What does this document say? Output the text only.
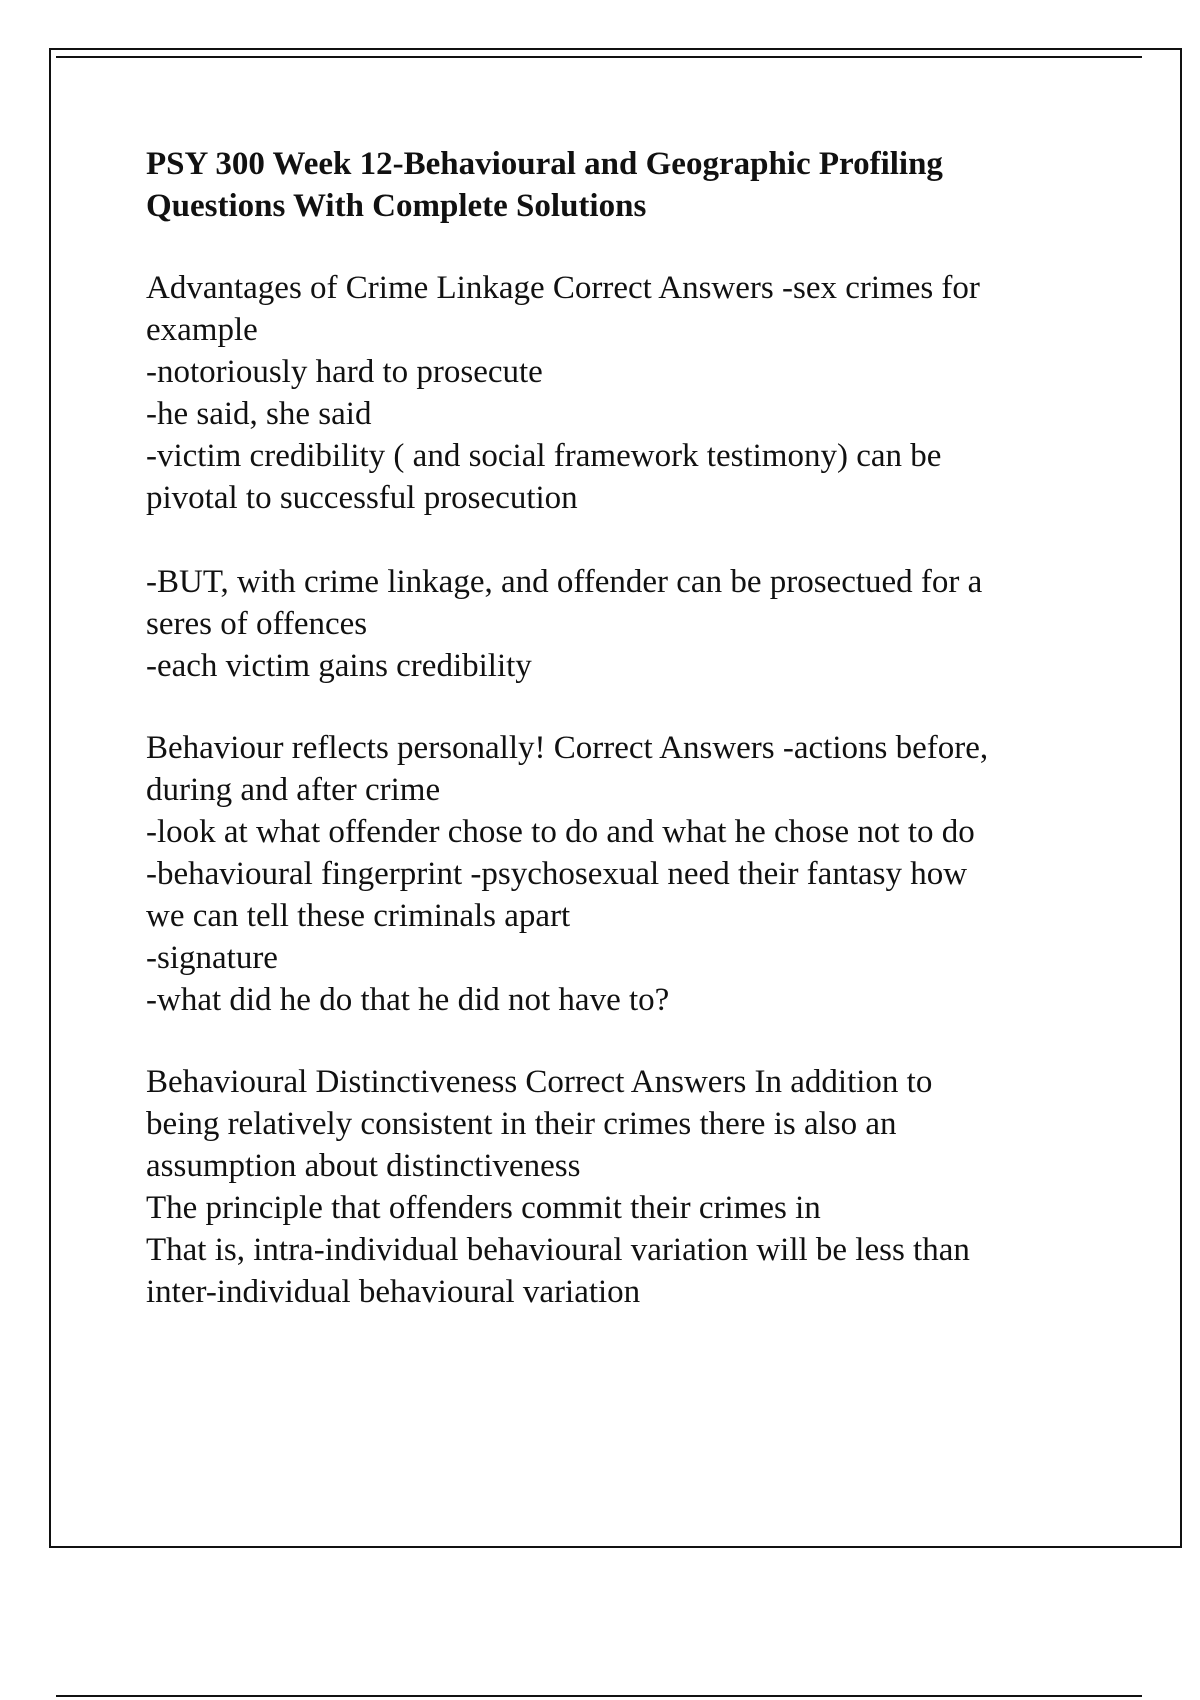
PSY 300 Week 12-Behavioural and Geographic Profiling
Questions With Complete Solutions

Advantages of Crime Linkage Correct Answers -sex crimes for
example
-notoriously hard to prosecute
-he said, she said
-victim credibility ( and social framework testimony) can be
pivotal to successful prosecution

-BUT, with crime linkage, and offender can be prosectued for a
seres of offences
-each victim gains credibility

Behaviour reflects personally! Correct Answers -actions before,
during and after crime
-look at what offender chose to do and what he chose not to do
-behavioural fingerprint -psychosexual need their fantasy how
we can tell these criminals apart
-signature
-what did he do that he did not have to?

Behavioural Distinctiveness Correct Answers In addition to
being relatively consistent in their crimes there is also an
assumption about distinctiveness
The principle that offenders commit their crimes in
That is, intra-individual behavioural variation will be less than
inter-individual behavioural variation
